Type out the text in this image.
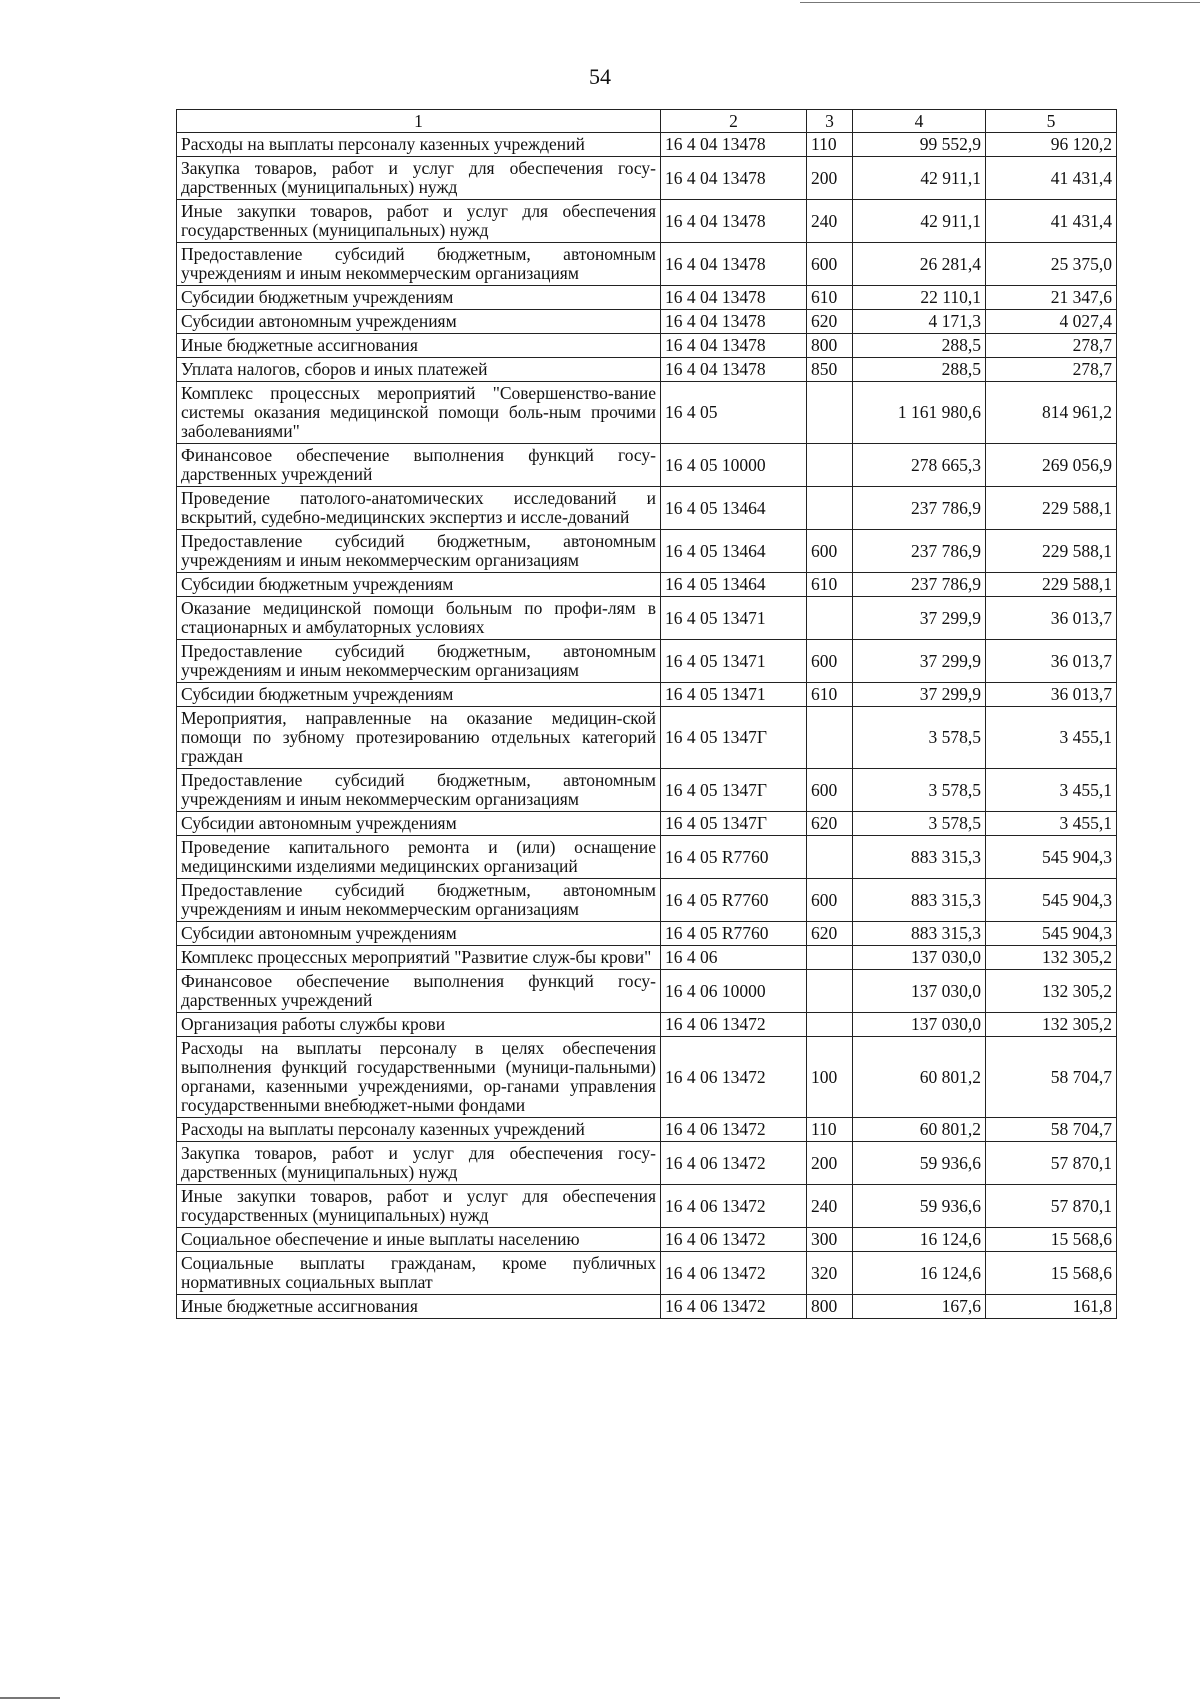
54
1	2	3	4	5
Расходы на выплаты персоналу казенных учреждений	16 4 04 13478	110	99 552,9	96 120,2
Закупка товаров, работ и услуг для обеспечения госу-дарственных (муниципальных) нужд	16 4 04 13478	200	42 911,1	41 431,4
Иные закупки товаров, работ и услуг для обеспечения государственных (муниципальных) нужд	16 4 04 13478	240	42 911,1	41 431,4
Предоставление субсидий бюджетным, автономным учреждениям и иным некоммерческим организациям	16 4 04 13478	600	26 281,4	25 375,0
Субсидии бюджетным учреждениям	16 4 04 13478	610	22 110,1	21 347,6
Субсидии автономным учреждениям	16 4 04 13478	620	4 171,3	4 027,4
Иные бюджетные ассигнования	16 4 04 13478	800	288,5	278,7
Уплата налогов, сборов и иных платежей	16 4 04 13478	850	288,5	278,7
Комплекс процессных мероприятий "Совершенство-вание системы оказания медицинской помощи боль-ным прочими заболеваниями"	16 4 05		1 161 980,6	814 961,2
Финансовое обеспечение выполнения функций госу-дарственных учреждений	16 4 05 10000		278 665,3	269 056,9
Проведение патолого-анатомических исследований и вскрытий, судебно-медицинских экспертиз и иссле-дований	16 4 05 13464		237 786,9	229 588,1
Предоставление субсидий бюджетным, автономным учреждениям и иным некоммерческим организациям	16 4 05 13464	600	237 786,9	229 588,1
Субсидии бюджетным учреждениям	16 4 05 13464	610	237 786,9	229 588,1
Оказание медицинской помощи больным по профи-лям в стационарных и амбулаторных условиях	16 4 05 13471		37 299,9	36 013,7
Предоставление субсидий бюджетным, автономным учреждениям и иным некоммерческим организациям	16 4 05 13471	600	37 299,9	36 013,7
Субсидии бюджетным учреждениям	16 4 05 13471	610	37 299,9	36 013,7
Мероприятия, направленные на оказание медицин-ской помощи по зубному протезированию отдельных категорий граждан	16 4 05 1347Г		3 578,5	3 455,1
Предоставление субсидий бюджетным, автономным учреждениям и иным некоммерческим организациям	16 4 05 1347Г	600	3 578,5	3 455,1
Субсидии автономным учреждениям	16 4 05 1347Г	620	3 578,5	3 455,1
Проведение капитального ремонта и (или) оснащение медицинскими изделиями медицинских организаций	16 4 05 R7760		883 315,3	545 904,3
Предоставление субсидий бюджетным, автономным учреждениям и иным некоммерческим организациям	16 4 05 R7760	600	883 315,3	545 904,3
Субсидии автономным учреждениям	16 4 05 R7760	620	883 315,3	545 904,3
Комплекс процессных мероприятий "Развитие служ-бы крови"	16 4 06		137 030,0	132 305,2
Финансовое обеспечение выполнения функций госу-дарственных учреждений	16 4 06 10000		137 030,0	132 305,2
Организация работы службы крови	16 4 06 13472		137 030,0	132 305,2
Расходы на выплаты персоналу в целях обеспечения выполнения функций государственными (муници-пальными) органами, казенными учреждениями, ор-ганами управления государственными внебюджет-ными фондами	16 4 06 13472	100	60 801,2	58 704,7
Расходы на выплаты персоналу казенных учреждений	16 4 06 13472	110	60 801,2	58 704,7
Закупка товаров, работ и услуг для обеспечения госу-дарственных (муниципальных) нужд	16 4 06 13472	200	59 936,6	57 870,1
Иные закупки товаров, работ и услуг для обеспечения государственных (муниципальных) нужд	16 4 06 13472	240	59 936,6	57 870,1
Социальное обеспечение и иные выплаты населению	16 4 06 13472	300	16 124,6	15 568,6
Социальные выплаты гражданам, кроме публичных нормативных социальных выплат	16 4 06 13472	320	16 124,6	15 568,6
Иные бюджетные ассигнования	16 4 06 13472	800	167,6	161,8
